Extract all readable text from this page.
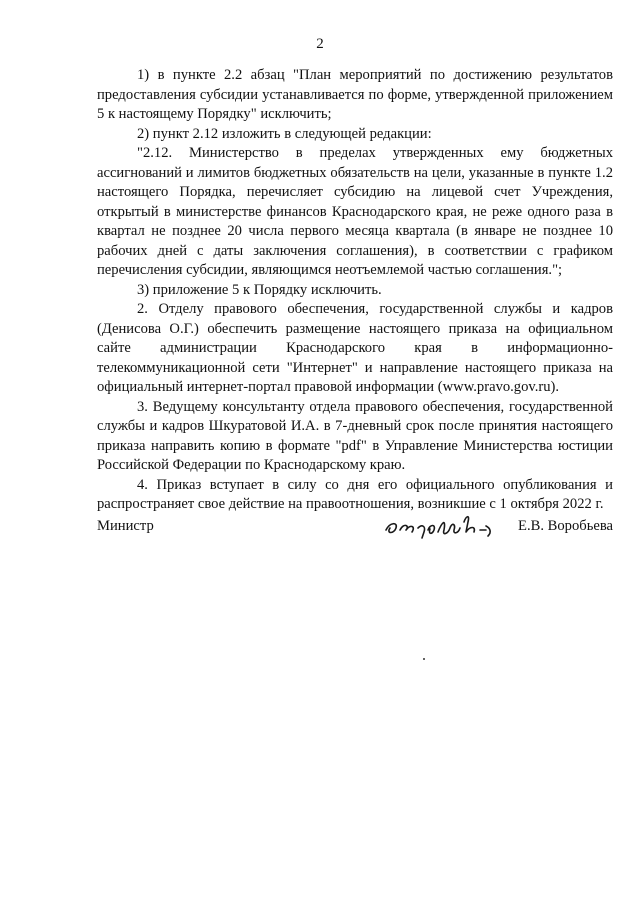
2

1) в пункте 2.2 абзац "План мероприятий по достижению результатов предоставления субсидии устанавливается по форме, утвержденной приложением 5 к настоящему Порядку" исключить;

2) пункт 2.12 изложить в следующей редакции:

"2.12. Министерство в пределах утвержденных ему бюджетных ассигнований и лимитов бюджетных обязательств на цели, указанные в пункте 1.2 настоящего Порядка, перечисляет субсидию на лицевой счет Учреждения, открытый в министерстве финансов Краснодарского края, не реже одного раза в квартал не позднее 20 числа первого месяца квартала (в январе не позднее 10 рабочих дней с даты заключения соглашения), в соответствии с графиком перечисления субсидии, являющимся неотъемлемой частью соглашения.";

3) приложение 5 к Порядку исключить.

2. Отделу правового обеспечения, государственной службы и кадров (Денисова О.Г.) обеспечить размещение настоящего приказа на официальном сайте администрации Краснодарского края в информационно-телекоммуникационной сети "Интернет" и направление настоящего приказа на официальный интернет-портал правовой информации (www.pravo.gov.ru).

3. Ведущему консультанту отдела правового обеспечения, государственной службы и кадров Шкуратовой И.А. в 7-дневный срок после принятия настоящего приказа направить копию в формате "pdf" в Управление Министерства юстиции Российской Федерации по Краснодарскому краю.

4. Приказ вступает в силу со дня его официального опубликования и распространяет свое действие на правоотношения, возникшие с 1 октября 2022 г.

Министр	Е.В. Воробьева
